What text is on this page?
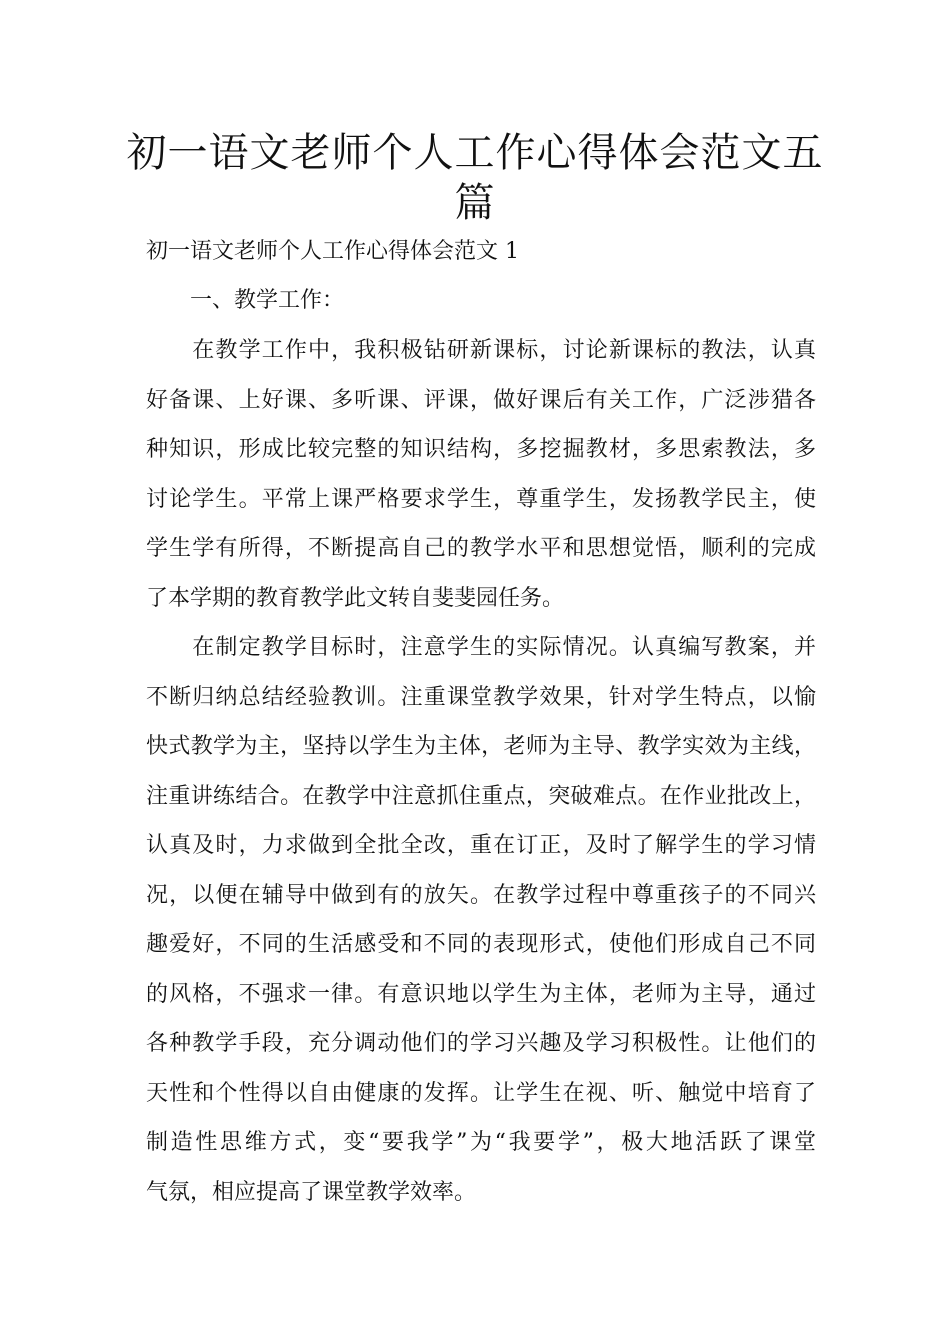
初一语文老师个人工作心得体会范文五
篇
初一语文老师个人工作心得体会范文 1
一、教学工作：
　　在教学工作中，我积极钻研新课标，讨论新课标的教法，认真
好备课、上好课、多听课、评课，做好课后有关工作，广泛涉猎各
种知识，形成比较完整的知识结构，多挖掘教材，多思索教法，多
讨论学生。平常上课严格要求学生，尊重学生，发扬教学民主，使
学生学有所得，不断提高自己的教学水平和思想觉悟，顺利的完成
了本学期的教育教学此文转自斐斐园任务。
　　在制定教学目标时，注意学生的实际情况。认真编写教案，并
不断归纳总结经验教训。注重课堂教学效果，针对学生特点，以愉
快式教学为主，坚持以学生为主体，老师为主导、教学实效为主线，
注重讲练结合。在教学中注意抓住重点，突破难点。在作业批改上，
认真及时，力求做到全批全改，重在订正，及时了解学生的学习情
况，以便在辅导中做到有的放矢。在教学过程中尊重孩子的不同兴
趣爱好，不同的生活感受和不同的表现形式，使他们形成自己不同
的风格，不强求一律。有意识地以学生为主体，老师为主导，通过
各种教学手段，充分调动他们的学习兴趣及学习积极性。让他们的
天性和个性得以自由健康的发挥。让学生在视、听、触觉中培育了
制造性思维方式，变“要我学”为“我要学”，极大地活跃了课堂
气氛，相应提高了课堂教学效率。
